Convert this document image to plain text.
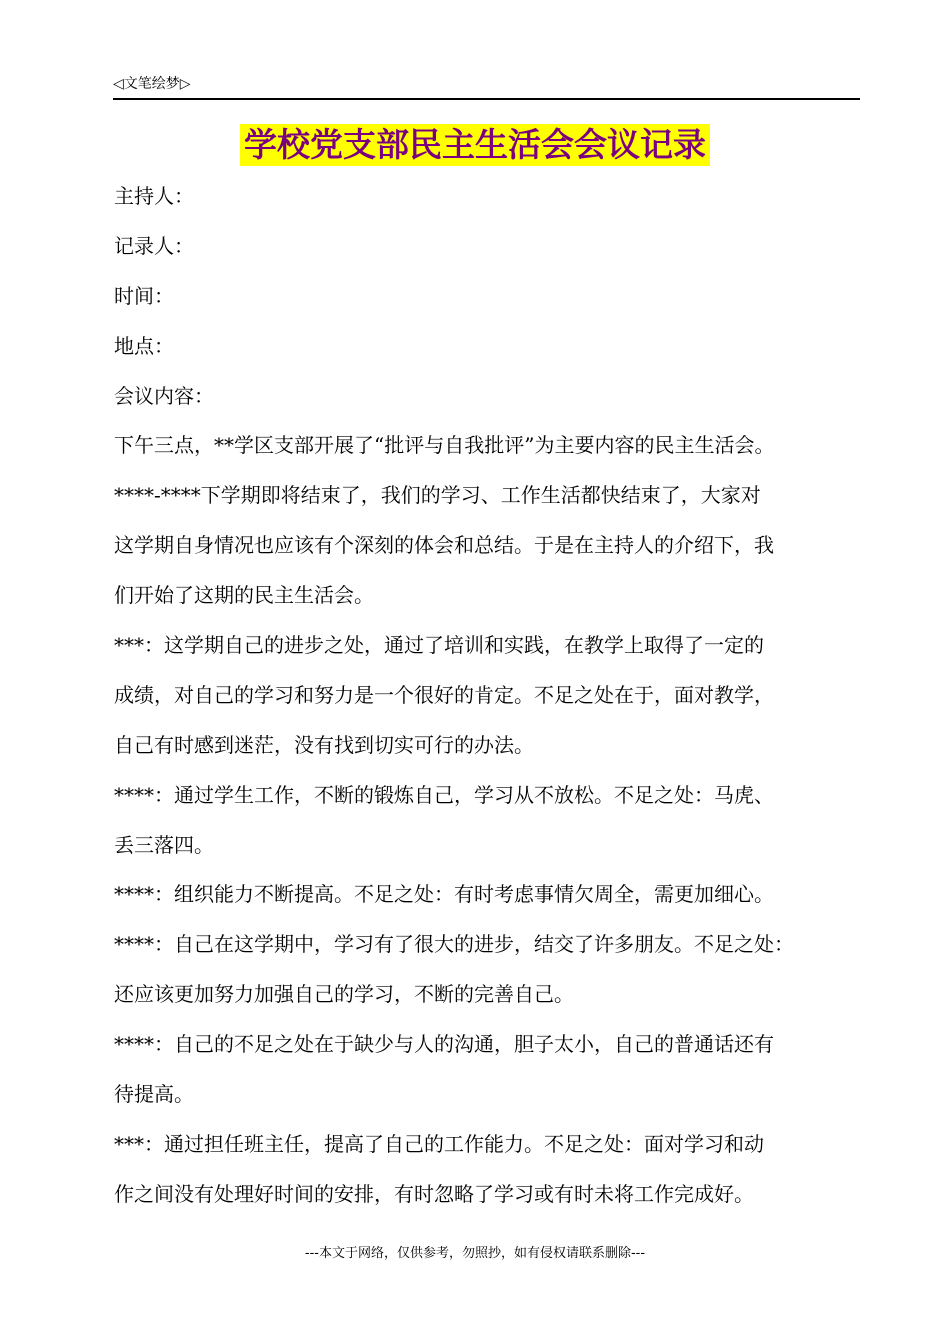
◁文笔绘梦▷
学校党支部民主生活会会议记录
主持人：
记录人：
时间：
地点：
会议内容：
下午三点，**学区支部开展了“批评与自我批评”为主要内容的民主生活会。
****-****下学期即将结束了，我们的学习、工作生活都快结束了，大家对
这学期自身情况也应该有个深刻的体会和总结。于是在主持人的介绍下，我
们开始了这期的民主生活会。
***：这学期自己的进步之处，通过了培训和实践，在教学上取得了一定的
成绩，对自己的学习和努力是一个很好的肯定。不足之处在于，面对教学，
自己有时感到迷茫，没有找到切实可行的办法。
****：通过学生工作，不断的锻炼自己，学习从不放松。不足之处：马虎、
丢三落四。
****：组织能力不断提高。不足之处：有时考虑事情欠周全，需更加细心。
****：自己在这学期中，学习有了很大的进步，结交了许多朋友。不足之处：
还应该更加努力加强自己的学习，不断的完善自己。
****：自己的不足之处在于缺少与人的沟通，胆子太小，自己的普通话还有
待提高。
***：通过担任班主任，提高了自己的工作能力。不足之处：面对学习和动
作之间没有处理好时间的安排，有时忽略了学习或有时未将工作完成好。
---本文于网络，仅供参考，勿照抄，如有侵权请联系删除---
